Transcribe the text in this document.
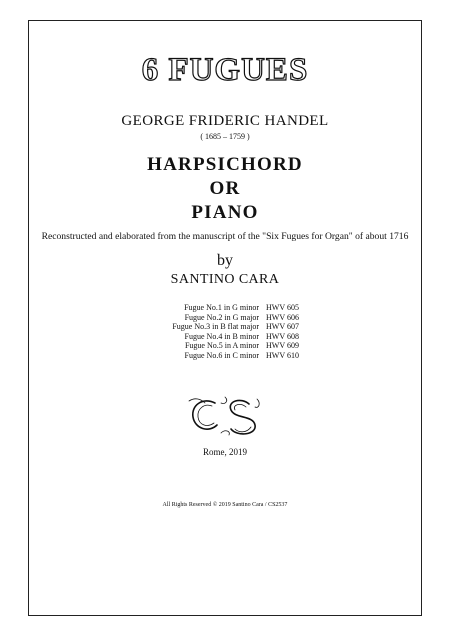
6 FUGUES
GEORGE FRIDERIC HANDEL
( 1685 – 1759 )
HARPSICHORD
OR
PIANO
Reconstructed and elaborated from the manuscript of the "Six Fugues for Organ" of about 1716
by
SANTINO CARA
Fugue No.1 in G minor HWV 605
Fugue No.2 in G major HWV 606
Fugue No.3 in B flat major HWV 607
Fugue No.4 in B minor HWV 608
Fugue No.5 in A minor HWV 609
Fugue No.6 in C minor HWV 610
Rome, 2019
All Rights Reserved © 2019 Santino Cara / CS2537
